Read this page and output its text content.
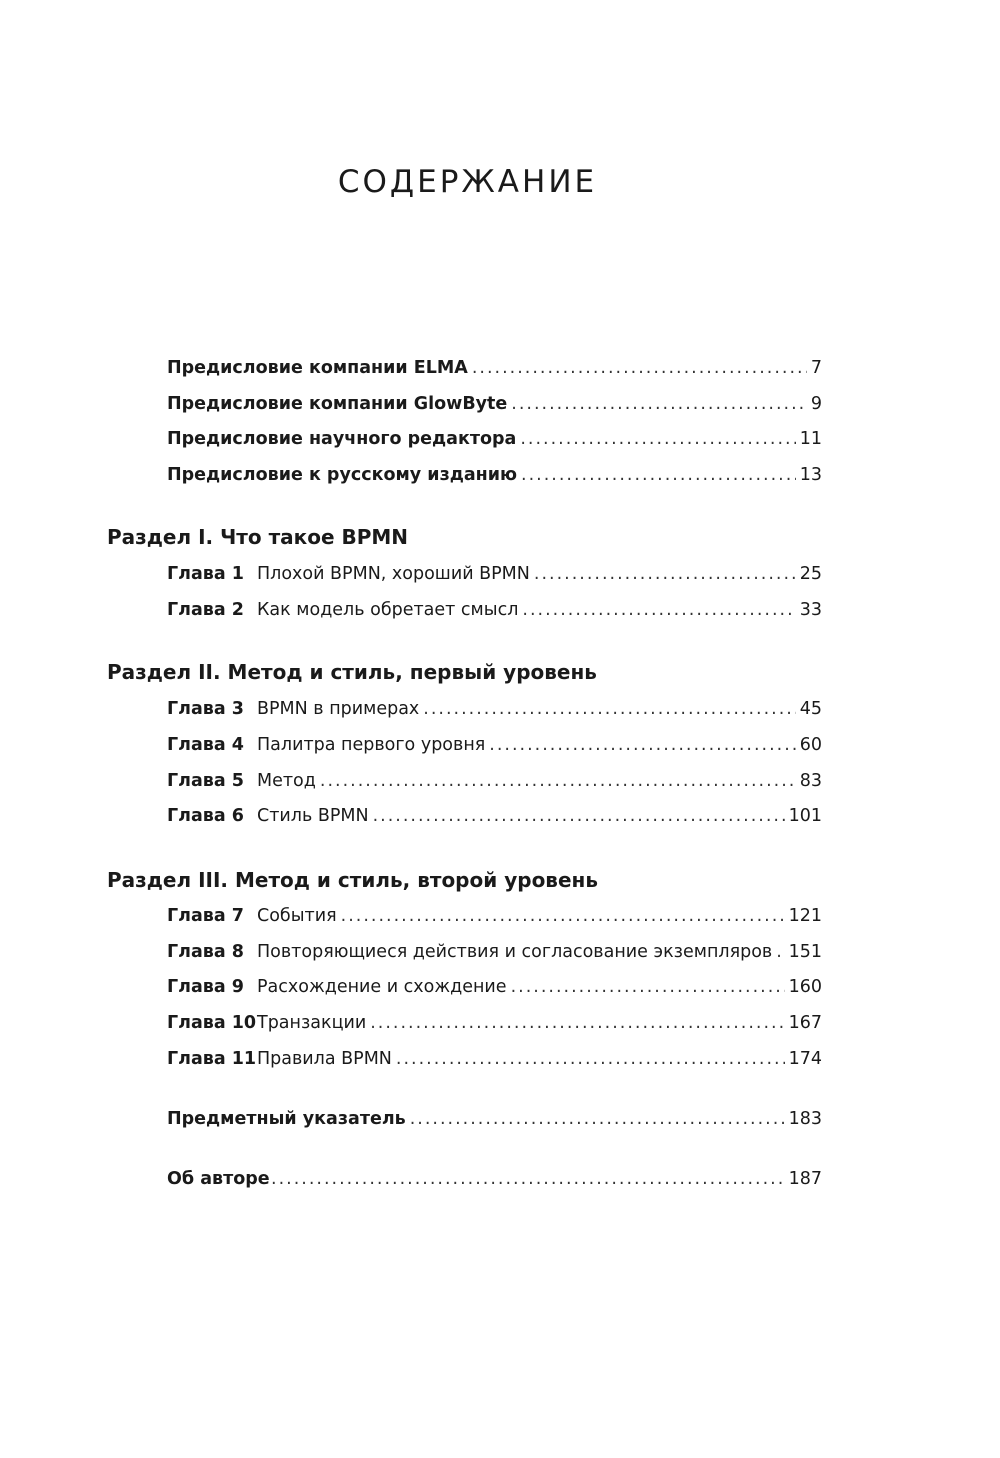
СОДЕРЖАНИЕ
Предисловие компании ELMA .....	7
Предисловие компании GlowByte .....	9
Предисловие научного редактора .....	11
Предисловие к русскому изданию .....	13
Раздел I. Что такое BPMN
Глава 1 Плохой BPMN, хороший BPMN .....	25
Глава 2 Как модель обретает смысл .....	33
Раздел II. Метод и стиль, первый уровень
Глава 3 BPMN в примерах .....	45
Глава 4 Палитра первого уровня .....	60
Глава 5 Метод .....	83
Глава 6 Стиль BPMN .....	101
Раздел III. Метод и стиль, второй уровень
Глава 7 События .....	121
Глава 8 Повторяющиеся действия и согласование экземпляров ..... 151
Глава 9 Расхождение и схождение .....	160
Глава 10 Транзакции .....	167
Глава 11 Правила BPMN .....	174
Предметный указатель .....	183
Об авторе .....	187
